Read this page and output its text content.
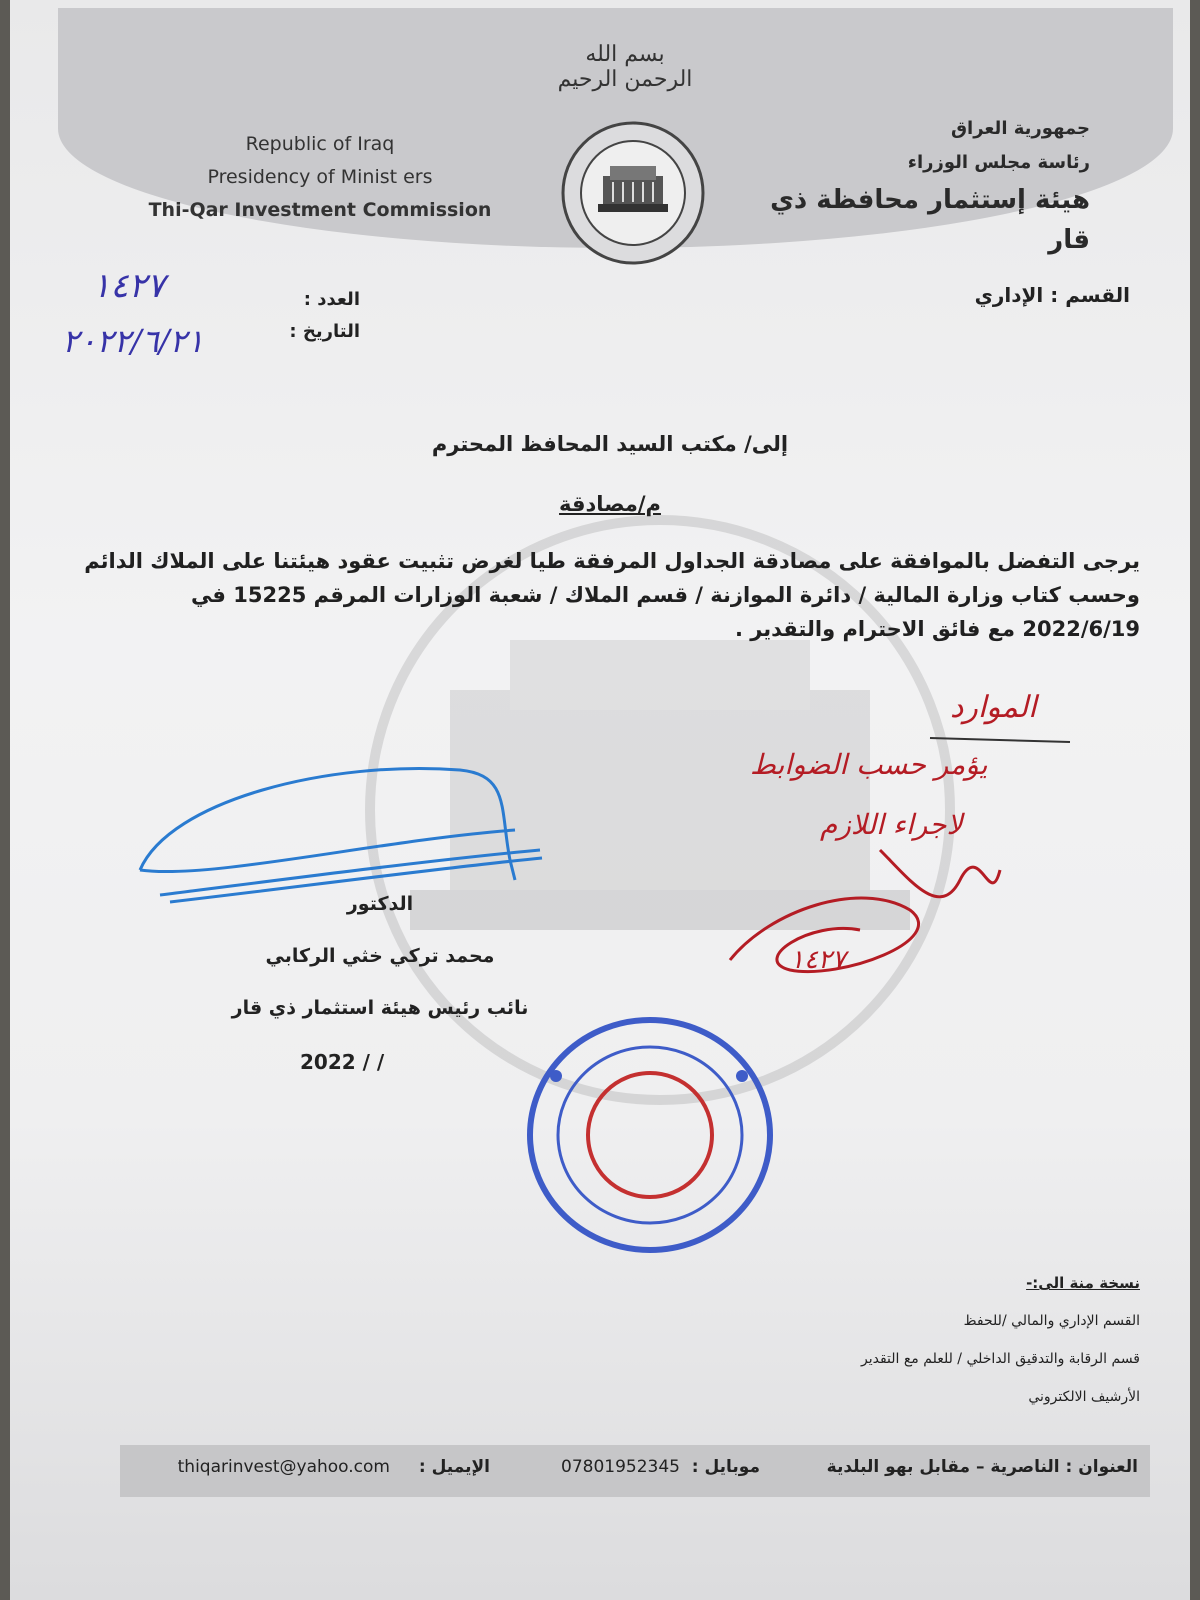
بسم الله الرحمن الرحيم
Republic of Iraq
Presidency of Minist ers
Thi-Qar Investment Commission
جمهورية العراق
رئاسة مجلس الوزراء
هيئة إستثمار محافظة ذي قار
العدد :
التاريخ :
١٤٢٧
٢٠٢٢/٦/٢١
القسم : الإداري
إلى/ مكتب السيد المحافظ المحترم
م/مصادقة
يرجى التفضل بالموافقة على مصادقة الجداول المرفقة طيا لغرض تثبيت عقود هيئتنا على الملاك الدائم
وحسب كتاب وزارة المالية / دائرة الموازنة / قسم الملاك / شعبة الوزارات المرقم 15225 في
2022/6/19 مع فائق الاحترام والتقدير .
الدكتور
محمد تركي خثي الركابي
نائب رئيس هيئة استثمار ذي قار
2022 / /
الموارد
يؤمر حسب الضوابط
لاجراء اللازم
١٤٢٧
نسخة منة الى:-
القسم الإداري والمالي /للحفظ
قسم الرقابة والتدقيق الداخلي / للعلم مع التقدير
الأرشيف الالكتروني
العنوان : الناصرية – مقابل بهو البلدية
موبايل :
07801952345
الإيميل :
thiqarinvest@yahoo.com
